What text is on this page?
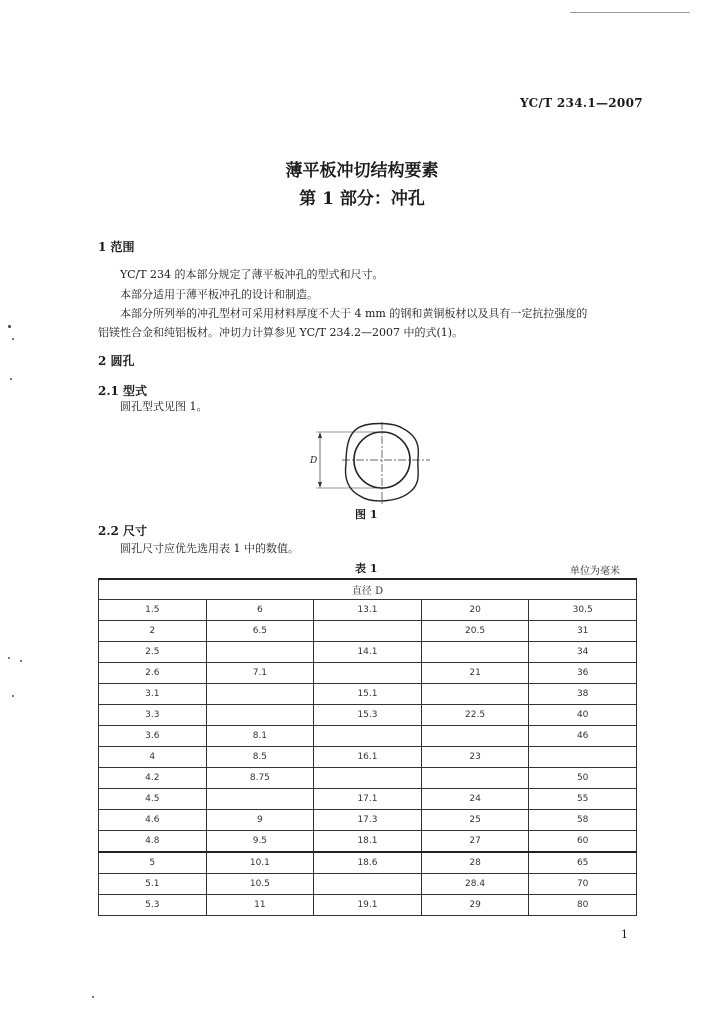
YC/T 234.1—2007
薄平板冲切结构要素
第 1 部分：冲孔
1 范围
YC/T 234 的本部分规定了薄平板冲孔的型式和尺寸。
本部分适用于薄平板冲孔的设计和制造。
本部分所列举的冲孔型材可采用材料厚度不大于 4 mm 的钢和黄铜板材以及具有一定抗拉强度的
铝镁性合金和纯铝板材。冲切力计算参见 YC/T 234.2—2007 中的式(1)。
2 圆孔
2.1 型式
圆孔型式见图 1。
D
图 1
2.2 尺寸
圆孔尺寸应优先选用表 1 中的数值。
表 1	单位为毫米
直径 D				
1.5	6	13.1	20	30.5
2	6.5		20.5	31
2.5		14.1		34
2.6	7.1		21	36
3.1		15.1		38
3.3		15.3	22.5	40
3.6	8.1			46
4	8.5	16.1	23	
4.2	8.75			50
4.5		17.1	24	55
4.6	9	17.3	25	58
4.8	9.5	18.1	27	60
5	10.1	18.6	28	65
5.1	10.5		28.4	70
5.3	11	19.1	29	80
1
